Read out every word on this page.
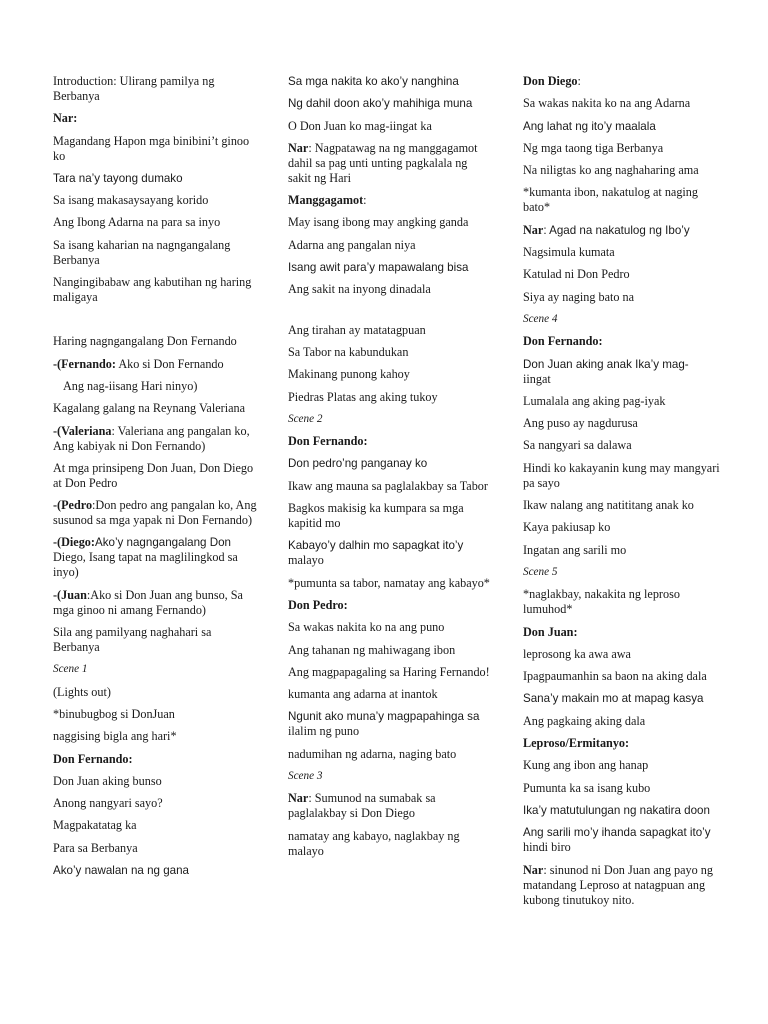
Introduction: Ulirang pamilya ng Berbanya
Nar:
Magandang Hapon mga binibini’t ginoo ko
Tara na’y tayong dumako
Sa isang makasaysayang korido
Ang Ibong Adarna na para sa inyo
Sa isang kaharian na nagngangalang Berbanya
Nangingibabaw ang kabutihan ng haring maligaya
Haring nagngangalang Don Fernando
-(Fernando: Ako si Don Fernando
Ang nag-iisang Hari ninyo)
Kagalang galang na Reynang Valeriana
-(Valeriana: Valeriana ang pangalan ko, Ang kabiyak ni Don Fernando)
At mga prinsipeng Don Juan, Don Diego at Don Pedro
-(Pedro:Don pedro ang pangalan ko, Ang susunod sa mga yapak ni Don Fernando)
-(Diego:Ako’y nagngangalang Don Diego, Isang tapat na maglilingkod sa inyo)
-(Juan:Ako si Don Juan ang bunso, Sa mga ginoo ni amang Fernando)
Sila ang pamilyang naghahari sa Berbanya
Scene 1
(Lights out)
*binubugbog si DonJuan
naggising bigla ang hari*
Don Fernando:
Don Juan aking bunso
Anong nangyari sayo?
Magpakatatag ka
Para sa Berbanya
Ako’y nawalan na ng gana
Sa mga nakita ko ako’y nanghina
Ng dahil doon ako’y mahihiga muna
O Don Juan ko mag-iingat ka
Nar: Nagpatawag na ng manggagamot dahil sa pag unti unting pagkalala ng sakit ng Hari
Manggagamot:
May isang ibong may angking ganda
Adarna ang pangalan niya
Isang awit para’y mapawalang bisa
Ang sakit na inyong dinadala
Ang tirahan ay matatagpuan
Sa Tabor na kabundukan
Makinang punong kahoy
Piedras Platas ang aking tukoy
Scene 2
Don Fernando:
Don pedro’ng panganay ko
Ikaw ang mauna sa paglalakbay sa Tabor
Bagkos makisig ka kumpara sa mga kapitid mo
Kabayo’y dalhin mo sapagkat ito’y
malayo
*pumunta sa tabor, namatay ang kabayo*
Don Pedro:
Sa wakas nakita ko na ang puno
Ang tahanan ng mahiwagang ibon
Ang magpapagaling sa Haring Fernando!
kumanta ang adarna at inantok
Ngunit ako muna’y magpapahinga sa
ilalim ng puno
nadumihan ng adarna, naging bato
Scene 3
Nar: Sumunod na sumabak sa paglalakbay si Don Diego
namatay ang kabayo, naglakbay ng malayo
Don Diego:
Sa wakas nakita ko na ang Adarna
Ang lahat ng ito’y maalala
Ng mga taong tiga Berbanya
Na niligtas ko ang naghaharing ama
*kumanta ibon, nakatulog at naging bato*
Nar: Agad na nakatulog ng Ibo’y
Nagsimula kumata
Katulad ni Don Pedro
Siya ay naging bato na
Scene 4
Don Fernando:
Don Juan aking anak Ika’y mag-
iingat
Lumalala ang aking pag-iyak
Ang puso ay nagdurusa
Sa nangyari sa dalawa
Hindi ko kakayanin kung may mangyari pa sayo
Ikaw nalang ang natititang anak ko
Kaya pakiusap ko
Ingatan ang sarili mo
Scene 5
*naglakbay, nakakita ng leproso lumuhod*
Don Juan:
leprosong ka awa awa
Ipagpaumanhin sa baon na aking dala
Sana’y makain mo at mapag kasya
Ang pagkaing aking dala
Leproso/Ermitanyo:
Kung ang ibon ang hanap
Pumunta ka sa isang kubo
Ika’y matutulungan ng nakatira doon
Ang sarili mo’y ihanda sapagkat ito’y
hindi biro
Nar: sinunod ni Don Juan ang payo ng matandang Leproso at natagpuan ang kubong tinutukoy nito.
